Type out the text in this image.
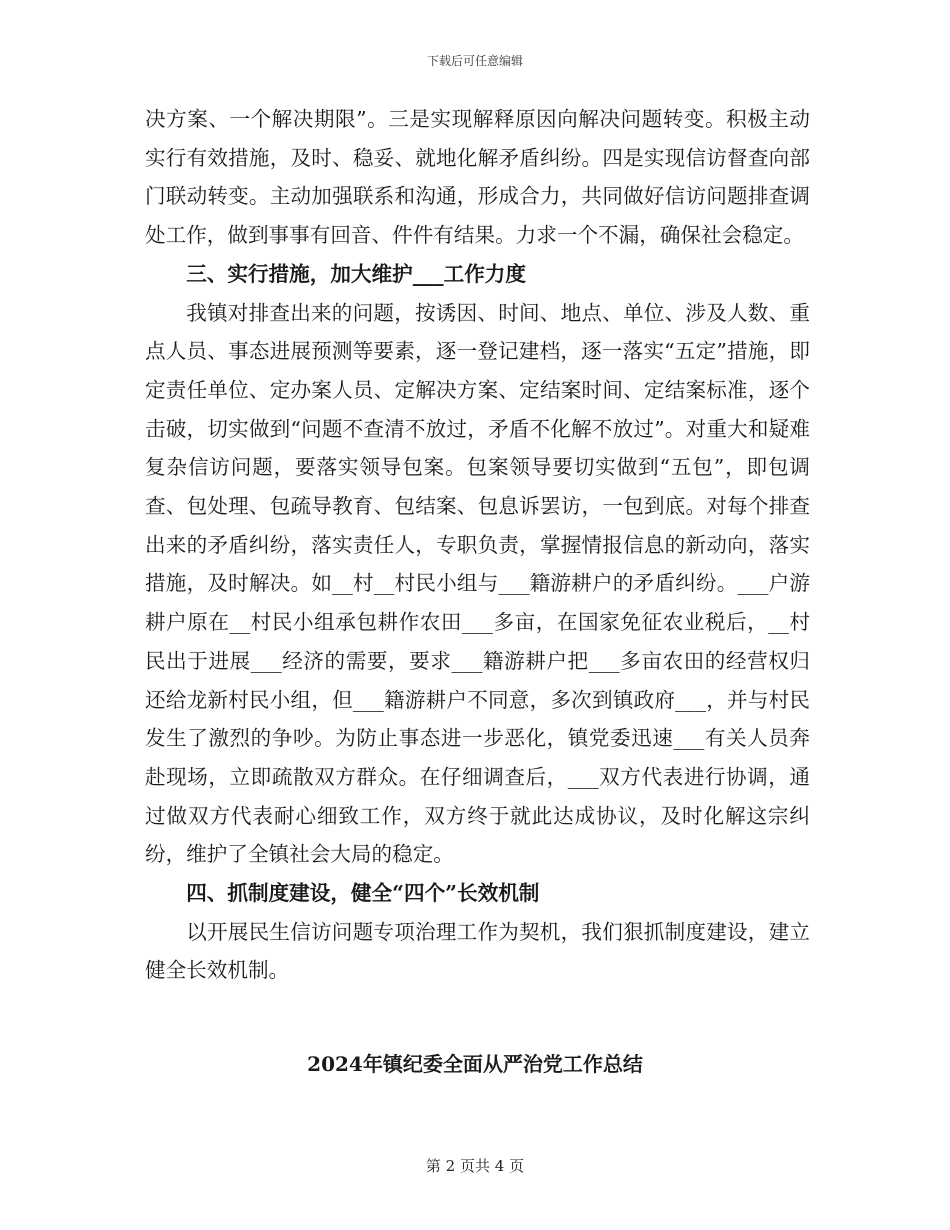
下载后可任意编辑

决方案、一个解决期限”。三是实现解释原因向解决问题转变。积极主动实行有效措施，及时、稳妥、就地化解矛盾纠纷。四是实现信访督查向部门联动转变。主动加强联系和沟通，形成合力，共同做好信访问题排查调处工作，做到事事有回音、件件有结果。力求一个不漏，确保社会稳定。

三、实行措施，加大维护___工作力度

我镇对排查出来的问题，按诱因、时间、地点、单位、涉及人数、重点人员、事态进展预测等要素，逐一登记建档，逐一落实“五定”措施，即定责任单位、定办案人员、定解决方案、定结案时间、定结案标准，逐个击破，切实做到“问题不查清不放过，矛盾不化解不放过”。对重大和疑难复杂信访问题，要落实领导包案。包案领导要切实做到“五包”，即包调查、包处理、包疏导教育、包结案、包息诉罢访，一包到底。对每个排查出来的矛盾纠纷，落实责任人，专职负责，掌握情报信息的新动向，落实措施，及时解决。如__村__村民小组与___籍游耕户的矛盾纠纷。___户游耕户原在__村民小组承包耕作农田___多亩，在国家免征农业税后，__村民出于进展___经济的需要，要求___籍游耕户把___多亩农田的经营权归还给龙新村民小组，但___籍游耕户不同意，多次到镇政府___，并与村民发生了激烈的争吵。为防止事态进一步恶化，镇党委迅速___有关人员奔赴现场，立即疏散双方群众。在仔细调查后，___双方代表进行协调，通过做双方代表耐心细致工作，双方终于就此达成协议，及时化解这宗纠纷，维护了全镇社会大局的稳定。

四、抓制度建设，健全“四个”长效机制

以开展民生信访问题专项治理工作为契机，我们狠抓制度建设，建立健全长效机制。

2024年镇纪委全面从严治党工作总结
第 2 页共 4 页
